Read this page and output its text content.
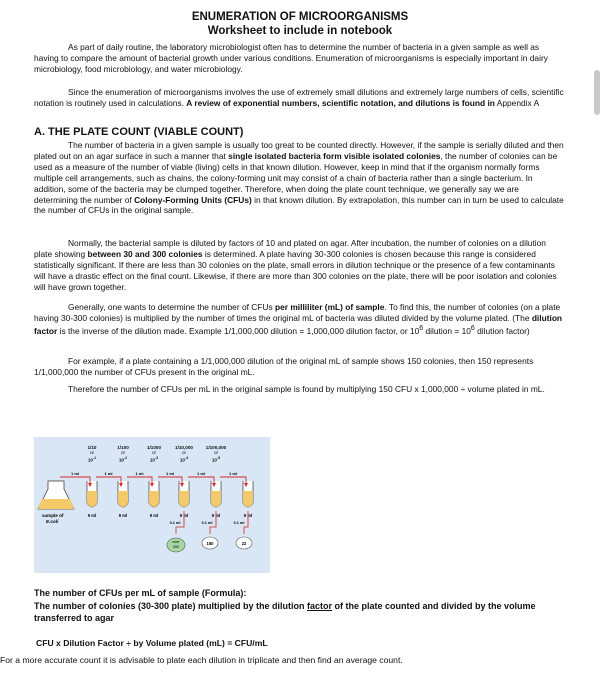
ENUMERATION OF MICROORGANISMS
Worksheet to include in notebook
As part of daily routine, the laboratory microbiologist often has to determine the number of bacteria in a given sample as well as having to compare the amount of bacterial growth under various conditions. Enumeration of microorganisms is especially important in dairy microbiology, food microbiology, and water microbiology.
Since the enumeration of microorganisms involves the use of extremely small dilutions and extremely large numbers of cells, scientific notation is routinely used in calculations. A review of exponential numbers, scientific notation, and dilutions is found in Appendix A
A. THE PLATE COUNT (VIABLE COUNT)
The number of bacteria in a given sample is usually too great to be counted directly. However, if the sample is serially diluted and then plated out on an agar surface in such a manner that single isolated bacteria form visible isolated colonies, the number of colonies can be used as a measure of the number of viable (living) cells in that known dilution. However, keep in mind that if the organism normally forms multiple cell arrangements, such as chains, the colony-forming unit may consist of a chain of bacteria rather than a single bacterium. In addition, some of the bacteria may be clumped together. Therefore, when doing the plate count technique, we generally say we are determining the number of Colony-Forming Units (CFUs) in that known dilution. By extrapolation, this number can in turn be used to calculate the number of CFUs in the original sample.
Normally, the bacterial sample is diluted by factors of 10 and plated on agar. After incubation, the number of colonies on a dilution plate showing between 30 and 300 colonies is determined. A plate having 30-300 colonies is chosen because this range is considered statistically significant. If there are less than 30 colonies on the plate, small errors in dilution technique or the presence of a few contaminants will have a drastic effect on the final count. Likewise, if there are more than 300 colonies on the plate, there will be poor isolation and colonies will have grown together.
Generally, one wants to determine the number of CFUs per milliliter (mL) of sample. To find this, the number of colonies (on a plate having 30-300 colonies) is multiplied by the number of times the original mL of bacteria was diluted divided by the volume plated. (The dilution factor is the inverse of the dilution made. Example 1/1,000,000 dilution = 1,000,000 dilution factor, or $10^6$ dilution = $10^6$ dilution factor)
For example, if a plate containing a 1/1,000,000 dilution of the original mL of sample shows 150 colonies, then 150 represents 1/1,000,000 the number of CFUs present in the original mL.
Therefore the number of CFUs per mL in the original sample is found by multiplying 150 CFU x 1,000,000 ÷ volume plated in mL.
9 ml	9 ml	9 ml	9 ml	9 ml	9 ml
1 ml	1 ml	1 ml	1 ml	1 ml	1 ml
0.1 ml	0.1 ml	0.1 ml
over
400
150	22
sample of
E.coli
1/10
or
$10^{-1}$
1/100
or
$10^{-2}$
1/1000
or
$10^{-3}$
1/10,000
or
$10^{-4}$
1/100,000
or
$10^{-5}$
The number of CFUs per mL of sample (Formula):
The number of colonies (30-300 plate) multiplied by the dilution factor of the plate counted and divided by the volume transferred to agar
CFU x Dilution Factor ÷ by Volume plated (mL) = CFU/mL
For a more accurate count it is advisable to plate each dilution in triplicate and then find an average count.
